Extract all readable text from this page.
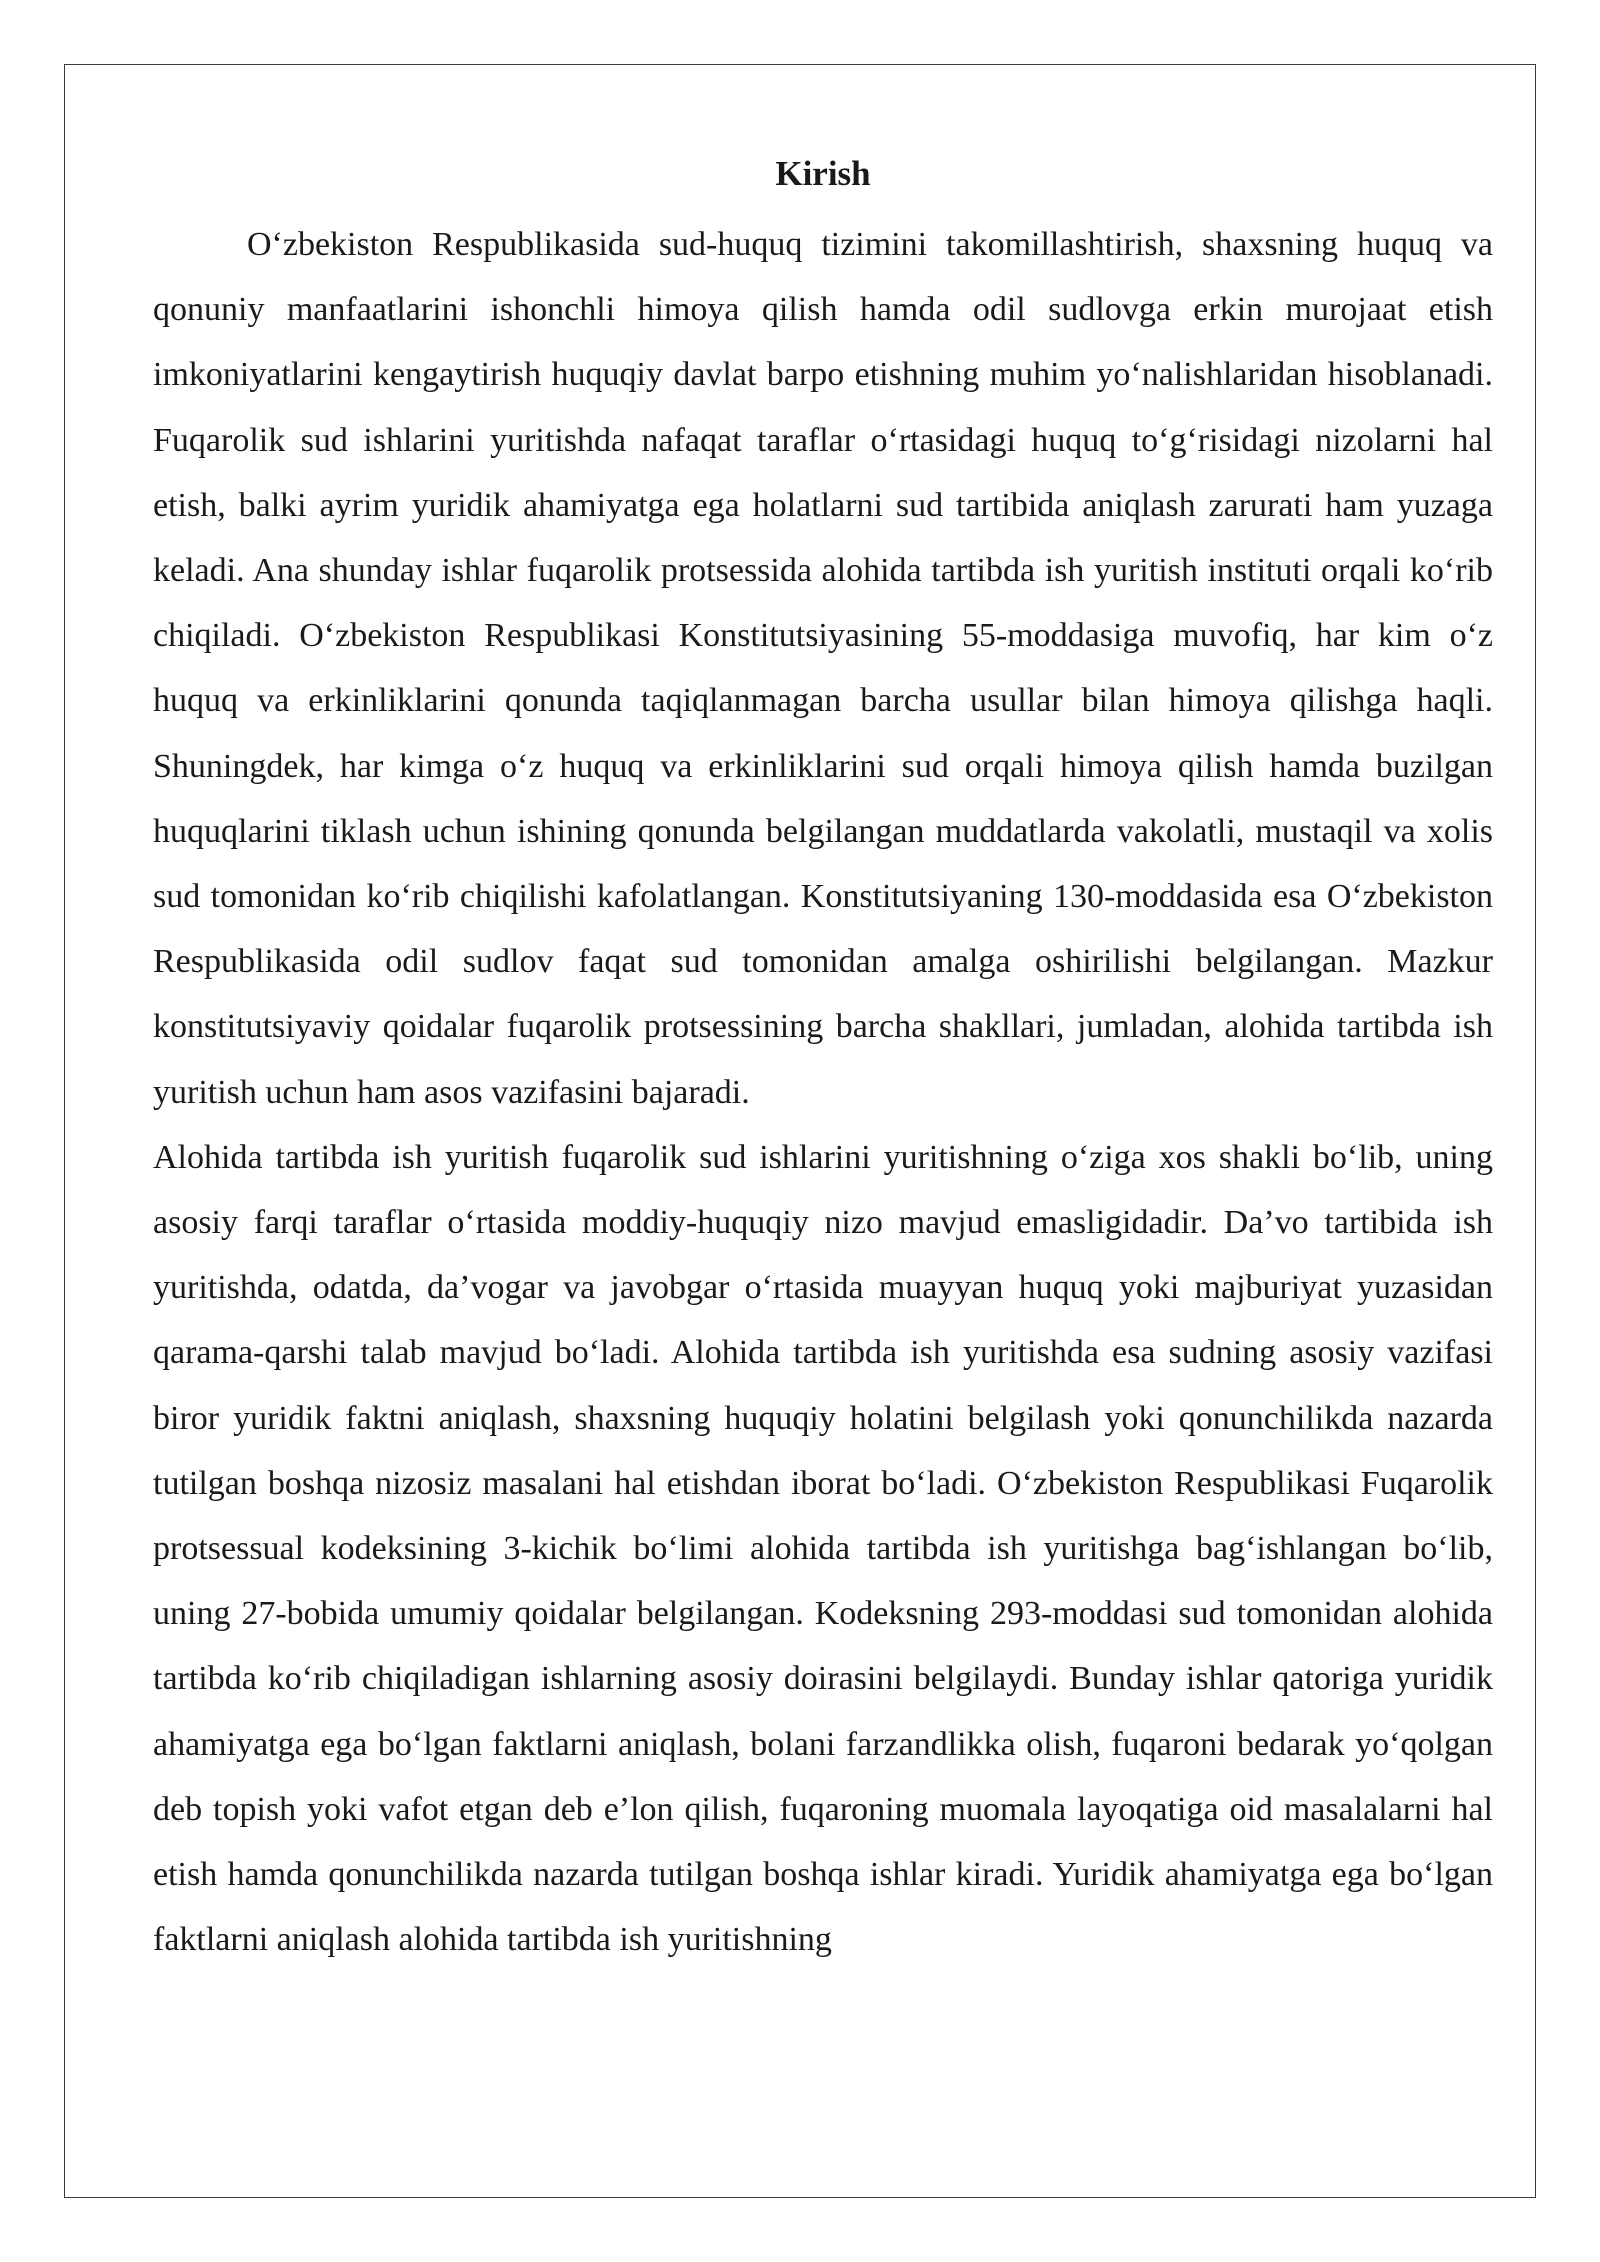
Kirish

O‘zbekiston Respublikasida sud-huquq tizimini takomillashtirish, shaxsning huquq va qonuniy manfaatlarini ishonchli himoya qilish hamda odil sudlovga erkin murojaat etish imkoniyatlarini kengaytirish huquqiy davlat barpo etishning muhim yo‘nalishlaridan hisoblanadi. Fuqarolik sud ishlarini yuritishda nafaqat taraflar o‘rtasidagi huquq to‘g‘risidagi nizolarni hal etish, balki ayrim yuridik ahamiyatga ega holatlarni sud tartibida aniqlash zarurati ham yuzaga keladi. Ana shunday ishlar fuqarolik protsessida alohida tartibda ish yuritish instituti orqali ko‘rib chiqiladi. O‘zbekiston Respublikasi Konstitutsiyasining 55-moddasiga muvofiq, har kim o‘z huquq va erkinliklarini qonunda taqiqlanmagan barcha usullar bilan himoya qilishga haqli. Shuningdek, har kimga o‘z huquq va erkinliklarini sud orqali himoya qilish hamda buzilgan huquqlarini tiklash uchun ishining qonunda belgilangan muddatlarda vakolatli, mustaqil va xolis sud tomonidan ko‘rib chiqilishi kafolatlangan. Konstitutsiyaning 130-moddasida esa O‘zbekiston Respublikasida odil sudlov faqat sud tomonidan amalga oshirilishi belgilangan. Mazkur konstitutsiyaviy qoidalar fuqarolik protsessining barcha shakllari, jumladan, alohida tartibda ish yuritish uchun ham asos vazifasini bajaradi.

Alohida tartibda ish yuritish fuqarolik sud ishlarini yuritishning o‘ziga xos shakli bo‘lib, uning asosiy farqi taraflar o‘rtasida moddiy-huquqiy nizo mavjud emasligidadir. Da’vo tartibida ish yuritishda, odatda, da’vogar va javobgar o‘rtasida muayyan huquq yoki majburiyat yuzasidan qarama-qarshi talab mavjud bo‘ladi. Alohida tartibda ish yuritishda esa sudning asosiy vazifasi biror yuridik faktni aniqlash, shaxsning huquqiy holatini belgilash yoki qonunchilikda nazarda tutilgan boshqa nizosiz masalani hal etishdan iborat bo‘ladi. O‘zbekiston Respublikasi Fuqarolik protsessual kodeksining 3-kichik bo‘limi alohida tartibda ish yuritishga bag‘ishlangan bo‘lib, uning 27-bobida umumiy qoidalar belgilangan. Kodeksning 293-moddasi sud tomonidan alohida tartibda ko‘rib chiqiladigan ishlarning asosiy doirasini belgilaydi. Bunday ishlar qatoriga yuridik ahamiyatga ega bo‘lgan faktlarni aniqlash, bolani farzandlikka olish, fuqaroni bedarak yo‘qolgan deb topish yoki vafot etgan deb e’lon qilish, fuqaroning muomala layoqatiga oid masalalarni hal etish hamda qonunchilikda nazarda tutilgan boshqa ishlar kiradi. Yuridik ahamiyatga ega bo‘lgan faktlarni aniqlash alohida tartibda ish yuritishning
